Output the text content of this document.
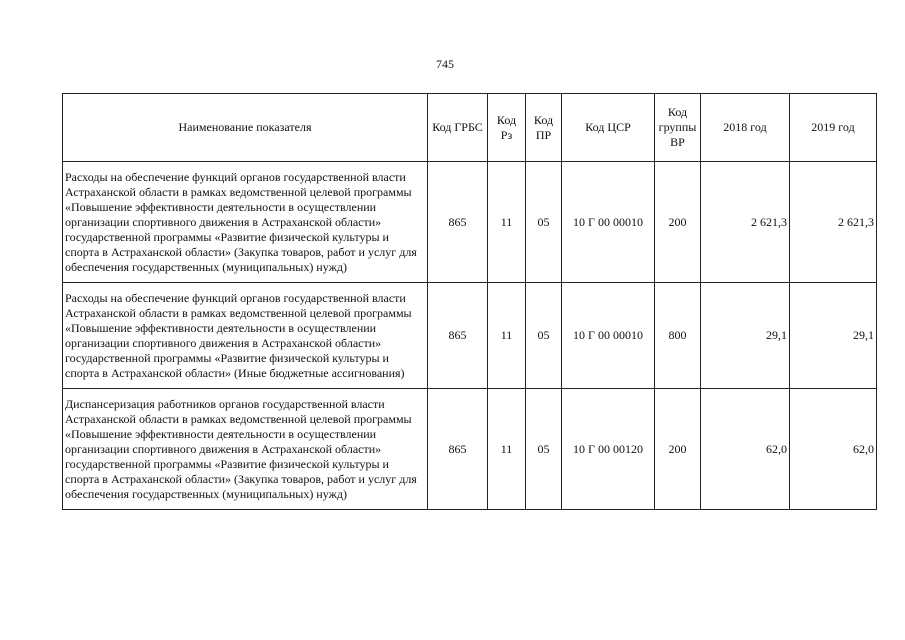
745
Наименование показателя	Код ГРБС	Код Рз	Код ПР	Код ЦСР	Код группы ВР	2018 год	2019 год
Расходы на обеспечение функций органов государственной власти Астраханской области в рамках ведомственной целевой программы «Повышение эффективности деятельности в осуществлении организации спортивного движения в Астраханской области» государственной программы «Развитие физической культуры и спорта в Астраханской области» (Закупка товаров, работ и услуг для обеспечения государственных (муниципальных) нужд)	865	11	05	10 Г 00 00010	200	2 621,3	2 621,3
Расходы на обеспечение функций органов государственной власти Астраханской области в рамках ведомственной целевой программы «Повышение эффективности деятельности в осуществлении организации спортивного движения в Астраханской области» государственной программы «Развитие физической культуры и спорта в Астраханской области» (Иные бюджетные ассигнования)	865	11	05	10 Г 00 00010	800	29,1	29,1
Диспансеризация работников органов государственной власти Астраханской области в рамках ведомственной целевой программы «Повышение эффективности деятельности в осуществлении организации спортивного движения в Астраханской области» государственной программы «Развитие физической культуры и спорта в Астраханской области» (Закупка товаров, работ и услуг для обеспечения государственных (муниципальных) нужд)	865	11	05	10 Г 00 00120	200	62,0	62,0
